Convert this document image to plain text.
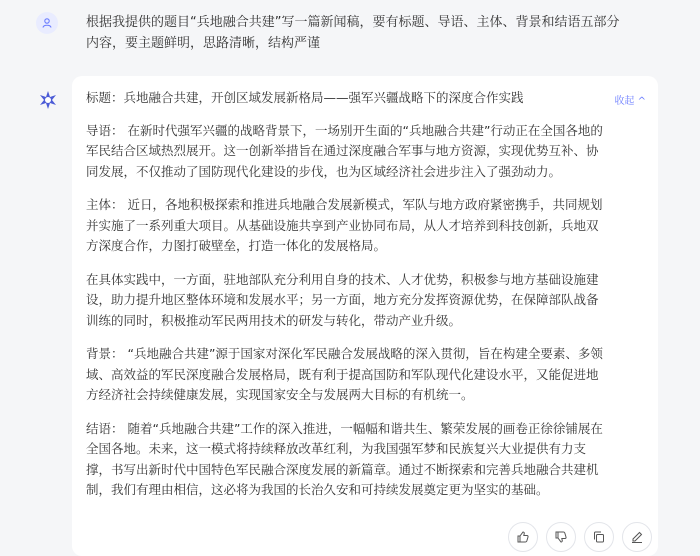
根据我提供的题目“兵地融合共建”写一篇新闻稿，要有标题、导语、主体、背景和结语五部分内容，要主题鲜明，思路清晰，结构严谨
收起 ^

标题：兵地融合共建，开创区域发展新格局——强军兴疆战略下的深度合作实践

导语： 在新时代强军兴疆的战略背景下，一场别开生面的“兵地融合共建”行动正在全国各地的军民结合区域热烈展开。这一创新举措旨在通过深度融合军事与地方资源，实现优势互补、协同发展，不仅推动了国防现代化建设的步伐，也为区域经济社会进步注入了强劲动力。

主体： 近日，各地积极探索和推进兵地融合发展新模式，军队与地方政府紧密携手，共同规划并实施了一系列重大项目。从基础设施共享到产业协同布局，从人才培养到科技创新，兵地双方深度合作，力图打破壁垒，打造一体化的发展格局。

在具体实践中，一方面，驻地部队充分利用自身的技术、人才优势，积极参与地方基础设施建设，助力提升地区整体环境和发展水平；另一方面，地方充分发挥资源优势，在保障部队战备训练的同时，积极推动军民两用技术的研发与转化，带动产业升级。

背景： “兵地融合共建”源于国家对深化军民融合发展战略的深入贯彻，旨在构建全要素、多领域、高效益的军民深度融合发展格局，既有利于提高国防和军队现代化建设水平，又能促进地方经济社会持续健康发展，实现国家安全与发展两大目标的有机统一。

结语： 随着“兵地融合共建”工作的深入推进，一幅幅和谐共生、繁荣发展的画卷正徐徐铺展在全国各地。未来，这一模式将持续释放改革红利，为我国强军梦和民族复兴大业提供有力支撑，书写出新时代中国特色军民融合深度发展的新篇章。通过不断探索和完善兵地融合共建机制，我们有理由相信，这必将为我国的长治久安和可持续发展奠定更为坚实的基础。
